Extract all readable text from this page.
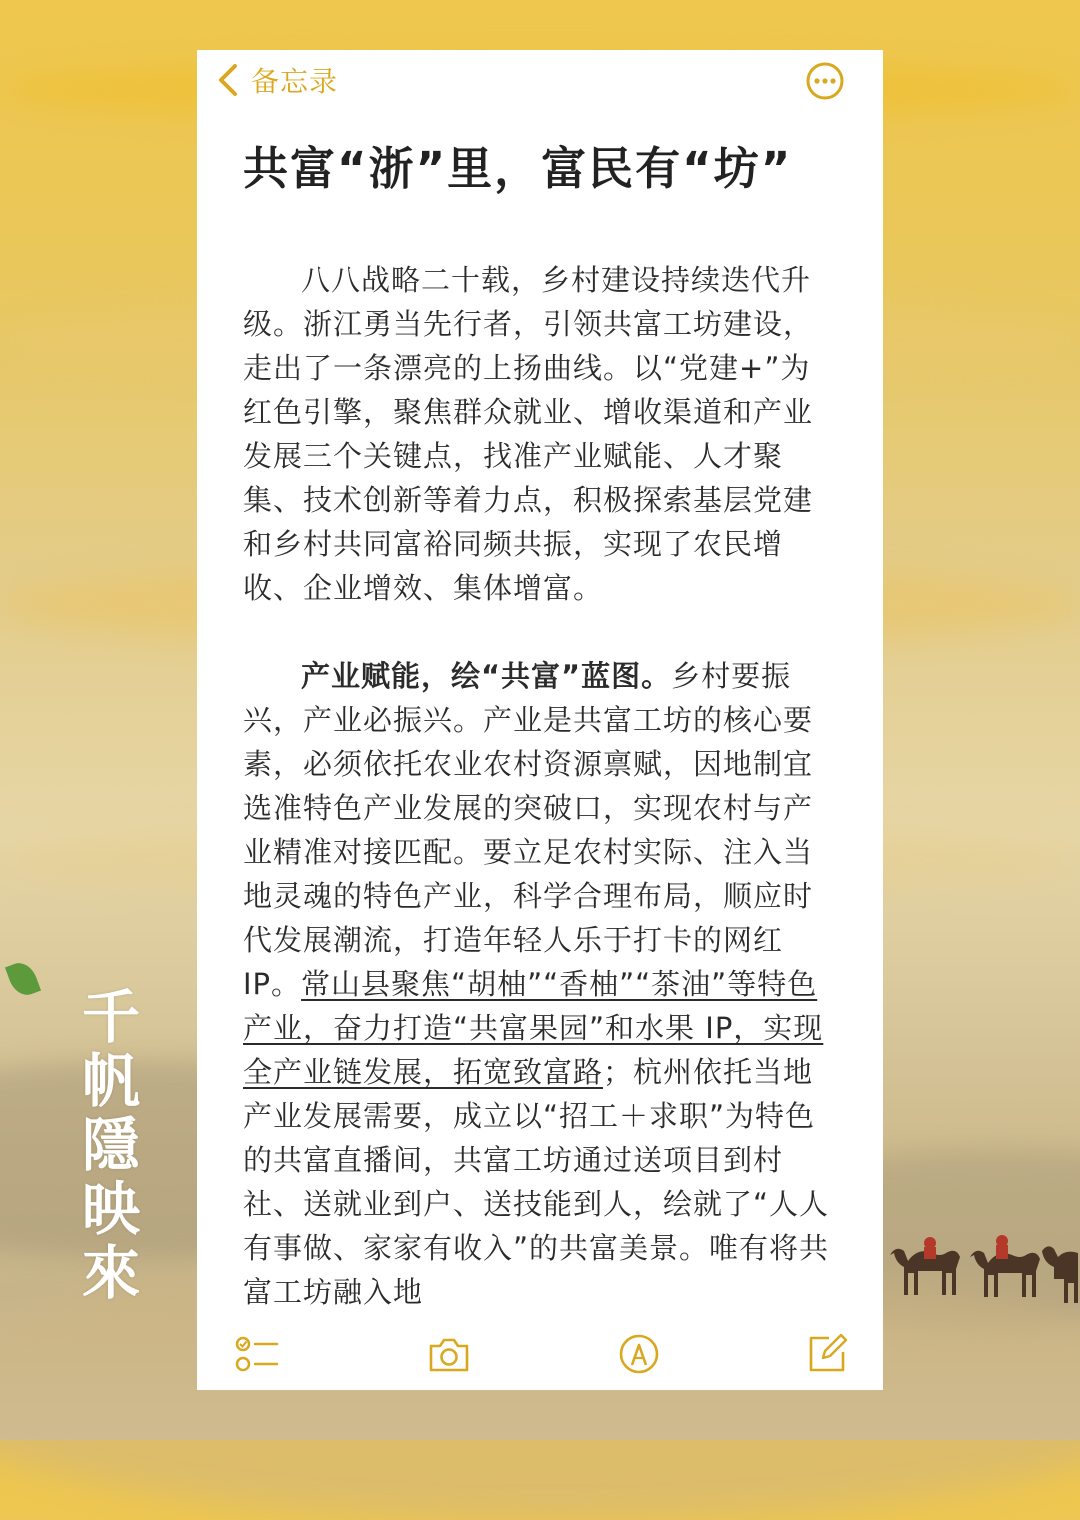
千
帆
隱
映
來
备忘录
共富“浙”里，富民有“坊”

八八战略二十载，乡村建设持续迭代升级。浙江勇当先行者，引领共富工坊建设，走出了一条漂亮的上扬曲线。以“党建+”为红色引擎，聚焦群众就业、增收渠道和产业发展三个关键点，找准产业赋能、人才聚集、技术创新等着力点，积极探索基层党建和乡村共同富裕同频共振，实现了农民增收、企业增效、集体增富。

产业赋能，绘“共富”蓝图。乡村要振兴，产业必振兴。产业是共富工坊的核心要素，必须依托农业农村资源禀赋，因地制宜选准特色产业发展的突破口，实现农村与产业精准对接匹配。要立足农村实际、注入当地灵魂的特色产业，科学合理布局，顺应时代发展潮流，打造年轻人乐于打卡的网红 IP。常山县聚焦“胡柚”“香柚”“茶油”等特色产业，奋力打造“共富果园”和水果 IP，实现全产业链发展，拓宽致富路；杭州依托当地产业发展需要，成立以“招工＋求职”为特色的共富直播间，共富工坊通过送项目到村社、送就业到户、送技能到人，绘就了“人人有事做、家家有收入”的共富美景。唯有将共富工坊融入地
